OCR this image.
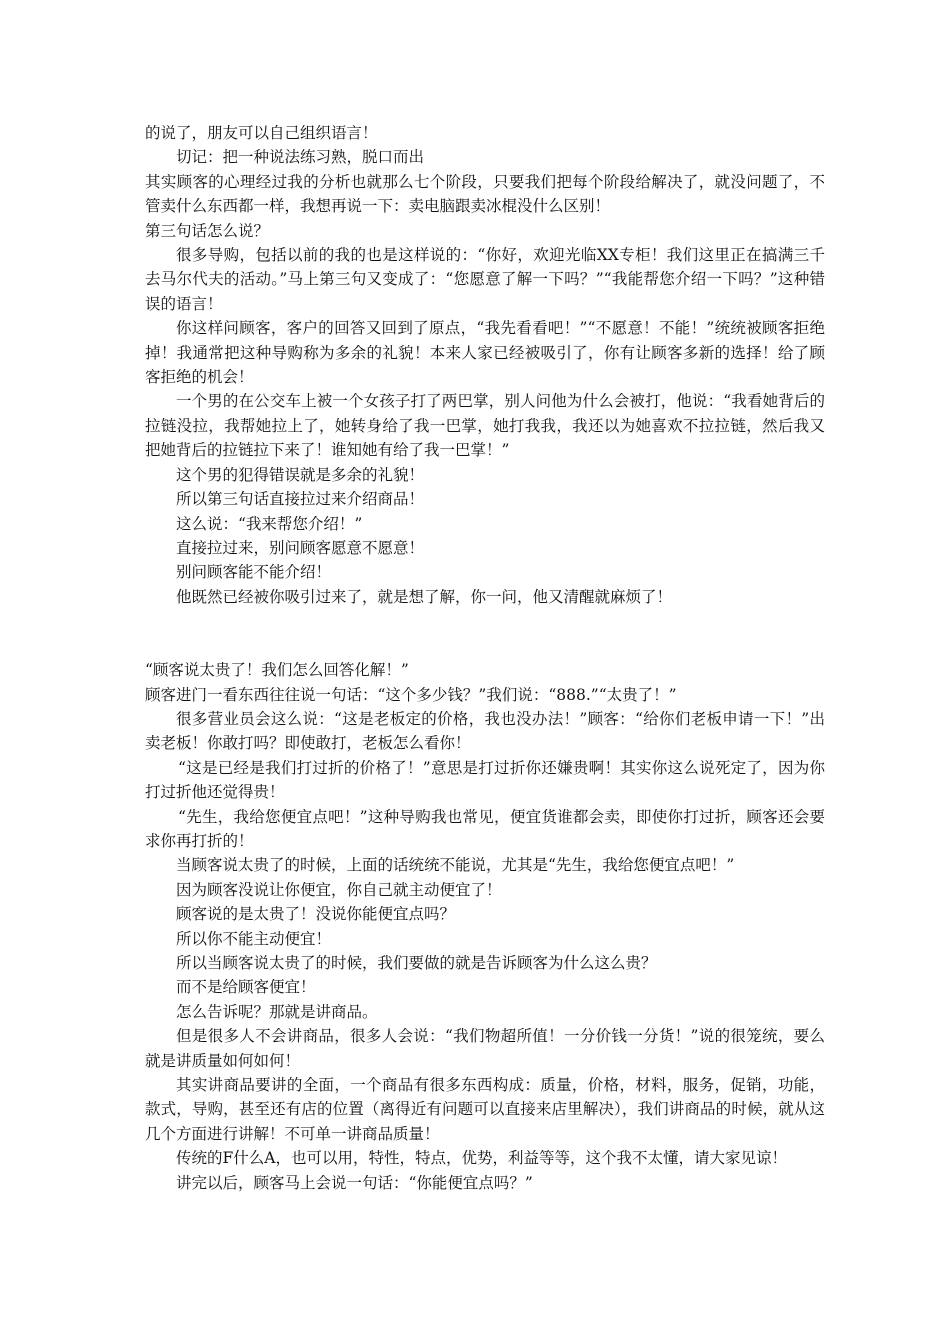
的说了，朋友可以自己组织语言！

切记：把一种说法练习熟，脱口而出

其实顾客的心理经过我的分析也就那么七个阶段，只要我们把每个阶段给解决了，就没问题了，不管卖什么东西都一样，我想再说一下：卖电脑跟卖冰棍没什么区别！

第三句话怎么说？

很多导购，包括以前的我的也是这样说的：“你好，欢迎光临XX专柜！我们这里正在搞满三千去马尔代夫的活动。”马上第三句又变成了：“您愿意了解一下吗？”“我能帮您介绍一下吗？”这种错误的语言！

你这样问顾客，客户的回答又回到了原点，“我先看看吧！”“不愿意！不能！”统统被顾客拒绝掉！我通常把这种导购称为多余的礼貌！本来人家已经被吸引了，你有让顾客多新的选择！给了顾客拒绝的机会！

一个男的在公交车上被一个女孩子打了两巴掌，别人问他为什么会被打，他说：“我看她背后的拉链没拉，我帮她拉上了，她转身给了我一巴掌，她打我我，我还以为她喜欢不拉拉链，然后我又把她背后的拉链拉下来了！谁知她有给了我一巴掌！”

这个男的犯得错误就是多余的礼貌！

所以第三句话直接拉过来介绍商品！

这么说：“我来帮您介绍！”

直接拉过来，别问顾客愿意不愿意！

别问顾客能不能介绍！

他既然已经被你吸引过来了，就是想了解，你一问，他又清醒就麻烦了！

“顾客说太贵了！我们怎么回答化解！”

顾客进门一看东西往往说一句话：“这个多少钱？”我们说：“888.”“太贵了！”

很多营业员会这么说：“这是老板定的价格，我也没办法！”顾客：“给你们老板申请一下！”出卖老板！你敢打吗？即使敢打，老板怎么看你！

“这是已经是我们打过折的价格了！”意思是打过折你还嫌贵啊！其实你这么说死定了，因为你打过折他还觉得贵！

“先生，我给您便宜点吧！”这种导购我也常见，便宜货谁都会卖，即使你打过折，顾客还会要求你再打折的！

当顾客说太贵了的时候，上面的话统统不能说，尤其是“先生，我给您便宜点吧！”

因为顾客没说让你便宜，你自己就主动便宜了！

顾客说的是太贵了！没说你能便宜点吗？

所以你不能主动便宜！

所以当顾客说太贵了的时候，我们要做的就是告诉顾客为什么这么贵？

而不是给顾客便宜！

怎么告诉呢？那就是讲商品。

但是很多人不会讲商品，很多人会说：“我们物超所值！一分价钱一分货！”说的很笼统，要么就是讲质量如何如何！

其实讲商品要讲的全面，一个商品有很多东西构成：质量，价格，材料，服务，促销，功能，款式，导购，甚至还有店的位置（离得近有问题可以直接来店里解决），我们讲商品的时候，就从这几个方面进行讲解！不可单一讲商品质量！

传统的F什么A，也可以用，特性，特点，优势，利益等等，这个我不太懂，请大家见谅！

讲完以后，顾客马上会说一句话：“你能便宜点吗？”
